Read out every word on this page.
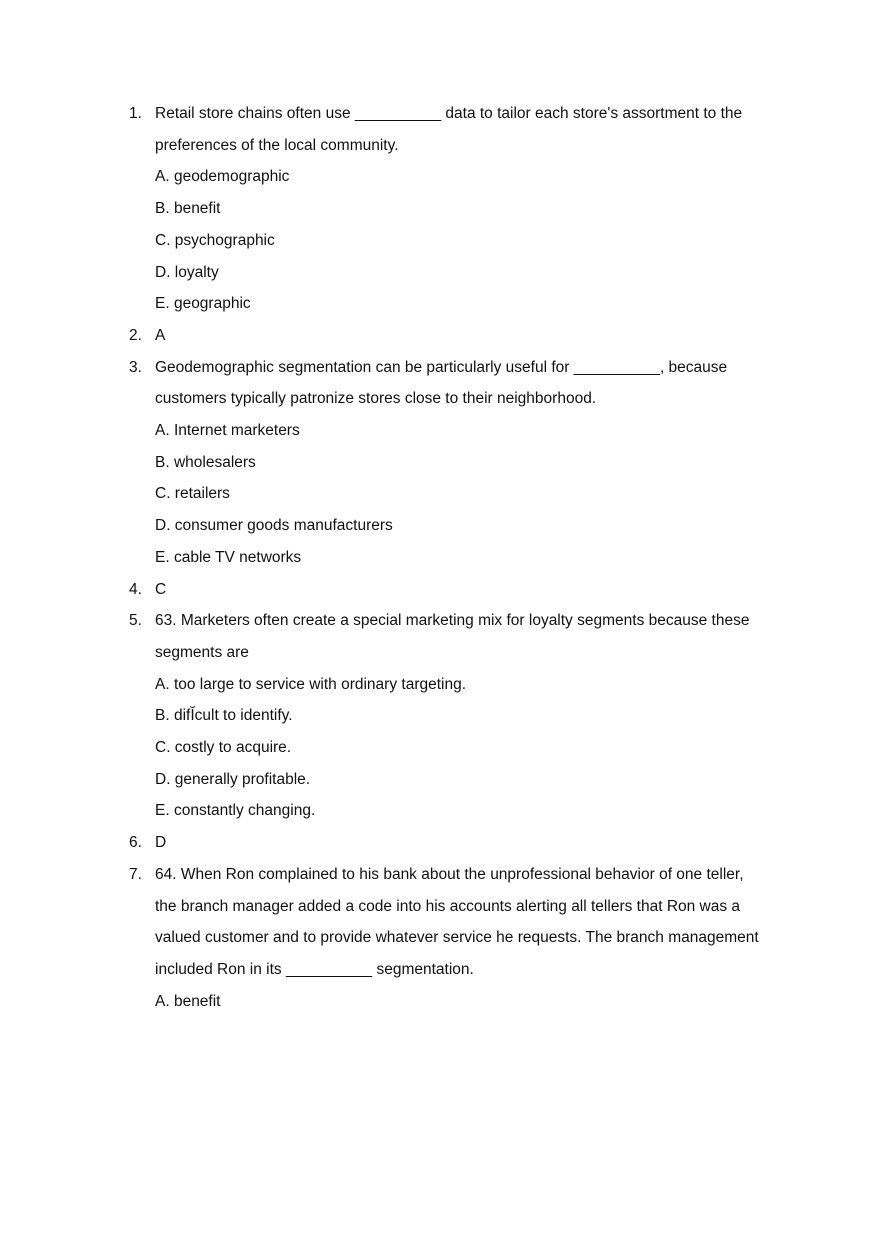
1. Retail store chains often use __________ data to tailor each store's assortment to the
preferences of the local community.
A. geodemographic
B. benefit
C. psychographic
D. loyalty
E. geographic
2. A
3. Geodemographic segmentation can be particularly useful for __________, because
customers typically patronize stores close to their neighborhood.
A. Internet marketers
B. wholesalers
C. retailers
D. consumer goods manufacturers
E. cable TV networks
4. C
5. 63. Marketers often create a special marketing mix for loyalty segments because these
segments are
A. too large to service with ordinary targeting.
B. difĬcult to identify.
C. costly to acquire.
D. generally profitable.
E. constantly changing.
6. D
7. 64. When Ron complained to his bank about the unprofessional behavior of one teller,
the branch manager added a code into his accounts alerting all tellers that Ron was a
valued customer and to provide whatever service he requests. The branch management
included Ron in its __________ segmentation.
A. benefit
